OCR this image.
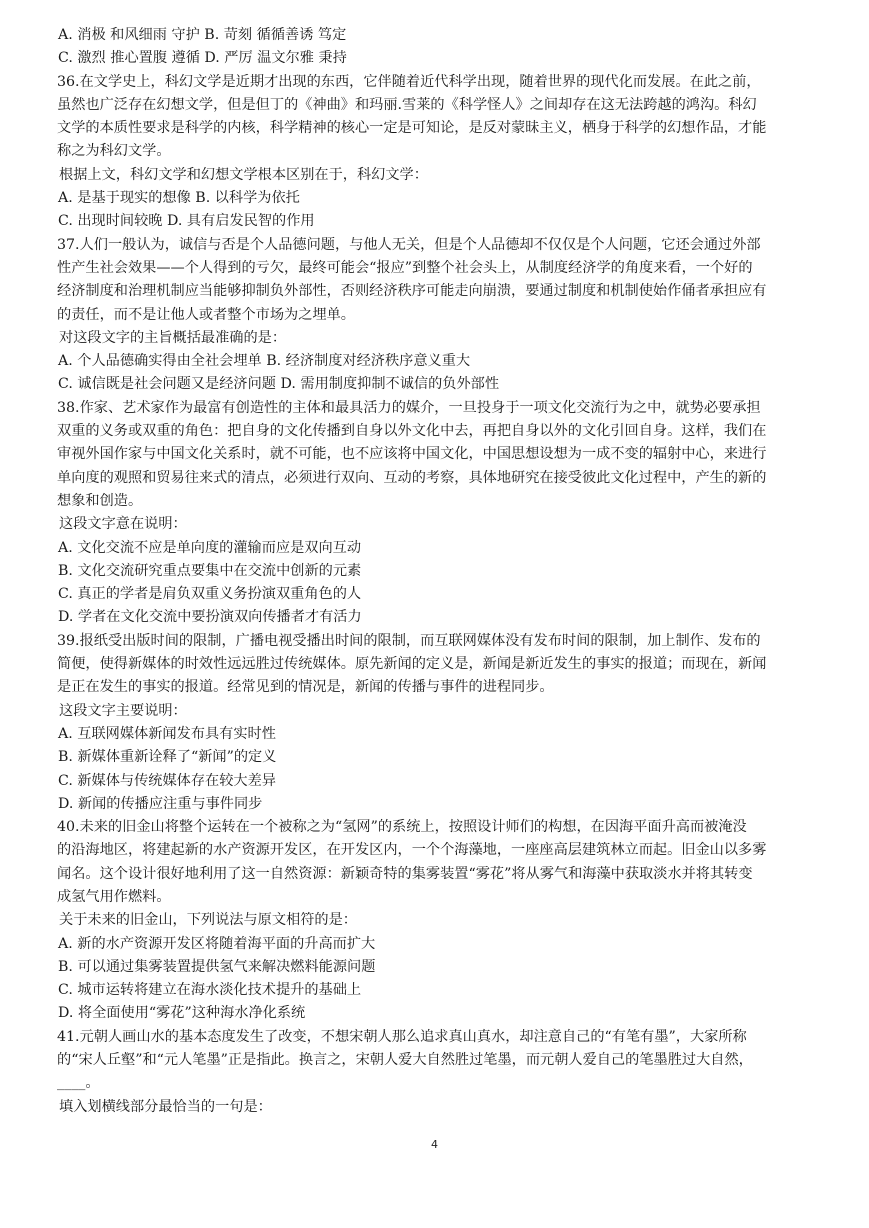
A. 消极 和风细雨 守护 B. 苛刻 循循善诱 笃定
C. 激烈 推心置腹 遵循 D. 严厉 温文尔雅 秉持
36.在文学史上，科幻文学是近期才出现的东西，它伴随着近代科学出现，随着世界的现代化而发展。在此之前，
虽然也广泛存在幻想文学，但是但丁的《神曲》和玛丽.雪莱的《科学怪人》之间却存在这无法跨越的鸿沟。科幻
文学的本质性要求是科学的内核，科学精神的核心一定是可知论，是反对蒙昧主义，栖身于科学的幻想作品，才能
称之为科幻文学。
根据上文，科幻文学和幻想文学根本区别在于，科幻文学：
A. 是基于现实的想像 B. 以科学为依托
C. 出现时间较晚 D. 具有启发民智的作用
37.人们一般认为，诚信与否是个人品德问题，与他人无关，但是个人品德却不仅仅是个人问题，它还会通过外部
性产生社会效果——个人得到的亏欠，最终可能会“报应”到整个社会头上，从制度经济学的角度来看，一个好的
经济制度和治理机制应当能够抑制负外部性，否则经济秩序可能走向崩溃，要通过制度和机制使始作俑者承担应有
的责任，而不是让他人或者整个市场为之埋单。
对这段文字的主旨概括最准确的是：
A. 个人品德确实得由全社会埋单 B. 经济制度对经济秩序意义重大
C. 诚信既是社会问题又是经济问题 D. 需用制度抑制不诚信的负外部性
38.作家、艺术家作为最富有创造性的主体和最具活力的媒介，一旦投身于一项文化交流行为之中，就势必要承担
双重的义务或双重的角色：把自身的文化传播到自身以外文化中去，再把自身以外的文化引回自身。这样，我们在
审视外国作家与中国文化关系时，就不可能，也不应该将中国文化，中国思想设想为一成不变的辐射中心，来进行
单向度的观照和贸易往来式的清点，必须进行双向、互动的考察，具体地研究在接受彼此文化过程中，产生的新的
想象和创造。
这段文字意在说明：
A. 文化交流不应是单向度的灌输而应是双向互动
B. 文化交流研究重点要集中在交流中创新的元素
C. 真正的学者是肩负双重义务扮演双重角色的人
D. 学者在文化交流中要扮演双向传播者才有活力
39.报纸受出版时间的限制，广播电视受播出时间的限制，而互联网媒体没有发布时间的限制，加上制作、发布的
简便，使得新媒体的时效性远远胜过传统媒体。原先新闻的定义是，新闻是新近发生的事实的报道；而现在，新闻
是正在发生的事实的报道。经常见到的情况是，新闻的传播与事件的进程同步。
这段文字主要说明：
A. 互联网媒体新闻发布具有实时性
B. 新媒体重新诠释了“新闻”的定义
C. 新媒体与传统媒体存在较大差异
D. 新闻的传播应注重与事件同步
40.未来的旧金山将整个运转在一个被称之为“氢网”的系统上，按照设计师们的构想，在因海平面升高而被淹没
的沿海地区，将建起新的水产资源开发区，在开发区内，一个个海藻地，一座座高层建筑林立而起。旧金山以多雾
闻名。这个设计很好地利用了这一自然资源：新颖奇特的集雾装置“雾花”将从雾气和海藻中获取淡水并将其转变
成氢气用作燃料。
关于未来的旧金山，下列说法与原文相符的是：
A. 新的水产资源开发区将随着海平面的升高而扩大
B. 可以通过集雾装置提供氢气来解决燃料能源问题
C. 城市运转将建立在海水淡化技术提升的基础上
D. 将全面使用“雾花”这种海水净化系统
41.元朝人画山水的基本态度发生了改变，不想宋朝人那么追求真山真水，却注意自己的“有笔有墨”，大家所称
的“宋人丘壑”和“元人笔墨”正是指此。换言之，宋朝人爱大自然胜过笔墨，而元朝人爱自己的笔墨胜过大自然，
____。
填入划横线部分最恰当的一句是：
4
